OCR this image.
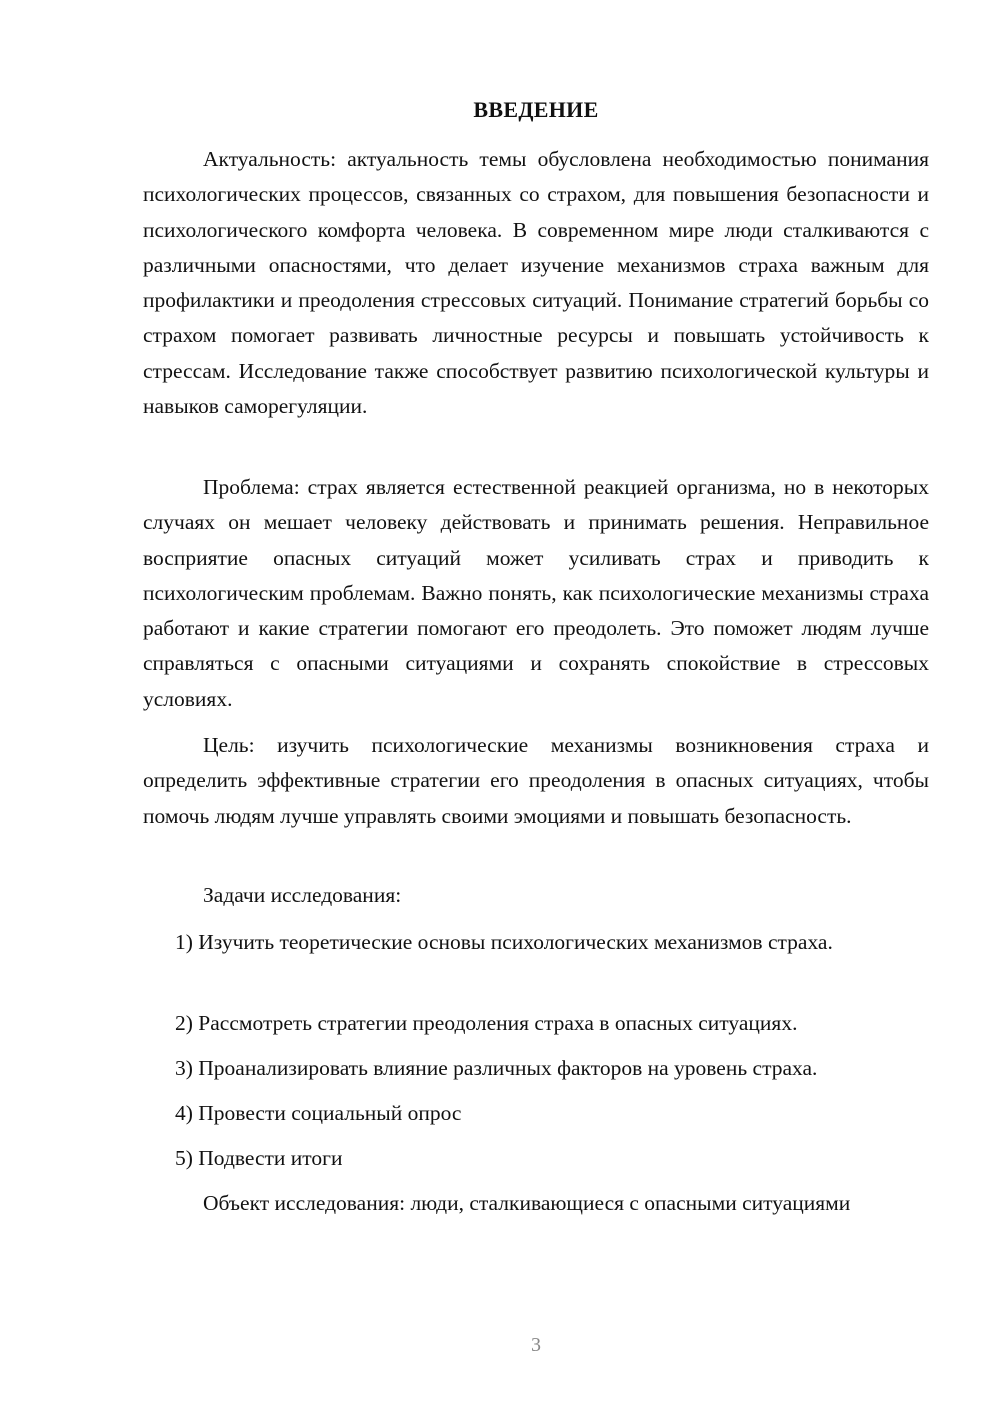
ВВЕДЕНИЕ

Актуальность: актуальность темы обусловлена необходимостью понимания психологических процессов, связанных со страхом, для повышения безопасности и психологического комфорта человека. В современном мире люди сталкиваются с различными опасностями, что делает изучение механизмов страха важным для профилактики и преодоления стрессовых ситуаций. Понимание стратегий борьбы со страхом помогает развивать личностные ресурсы и повышать устойчивость к стрессам. Исследование также способствует развитию психологической культуры и навыков саморегуляции.

Проблема: страх является естественной реакцией организма, но в некоторых случаях он мешает человеку действовать и принимать решения. Неправильное восприятие опасных ситуаций может усиливать страх и приводить к психологическим проблемам. Важно понять, как психологические механизмы страха работают и какие стратегии помогают его преодолеть. Это поможет людям лучше справляться с опасными ситуациями и сохранять спокойствие в стрессовых условиях.

Цель: изучить психологические механизмы возникновения страха и определить эффективные стратегии его преодоления в опасных ситуациях, чтобы помочь людям лучше управлять своими эмоциями и повышать безопасность.

Задачи исследования:

1) Изучить теоретические основы психологических механизмов страха.

2) Рассмотреть стратегии преодоления страха в опасных ситуациях.

3) Проанализировать влияние различных факторов на уровень страха.

4) Провести социальный опрос

5) Подвести итоги

Объект исследования: люди, сталкивающиеся с опасными ситуациями

3
